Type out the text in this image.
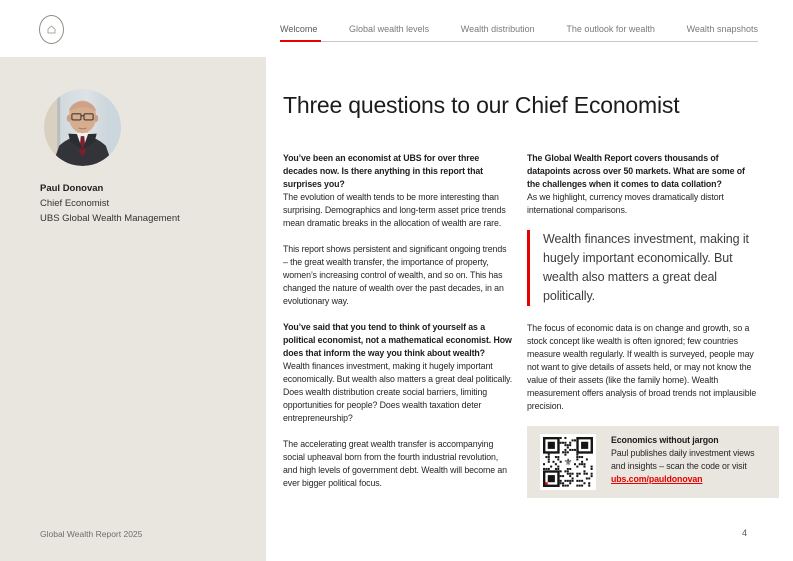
Welcome	Global wealth levels	Wealth distribution	The outlook for wealth	Wealth snapshots
Paul Donovan
Chief Economist
UBS Global Wealth Management
Global Wealth Report 2025
Three questions to our Chief Economist

You’ve been an economist at UBS for over three decades now. Is there anything in this report that surprises you?

The evolution of wealth tends to be more interesting than surprising. Demographics and long-term asset price trends mean dramatic breaks in the allocation of wealth are rare.

This report shows persistent and significant ongoing trends – the great wealth transfer, the importance of property, women’s increasing control of wealth, and so on. This has changed the nature of wealth over the past decades, in an evolutionary way.

You’ve said that you tend to think of yourself as a political economist, not a mathematical economist. How does that inform the way you think about wealth?

Wealth finances investment, making it hugely important economically. But wealth also matters a great deal politically. Does wealth distribution create social barriers, limiting opportunities for people? Does wealth taxation deter entrepreneurship?

The accelerating great wealth transfer is accompanying social upheaval born from the fourth industrial revolution, and high levels of government debt. Wealth will become an ever bigger political focus.

The Global Wealth Report covers thousands of datapoints across over 50 markets. What are some of the challenges when it comes to data collation?

As we highlight, currency moves dramatically distort international comparisons.

Wealth finances investment, making it hugely important economically. But wealth also matters a great deal politically.

The focus of economic data is on change and growth, so a stock concept like wealth is often ignored; few countries measure wealth regularly. If wealth is surveyed, people may not want to give details of assets held, or may not know the value of their assets (like the family home). Wealth measurement offers analysis of broad trends not implausible precision.

⚜
Economics without jargon
Paul publishes daily investment views and insights – scan the code or visit
ubs.com/pauldonovan
4
